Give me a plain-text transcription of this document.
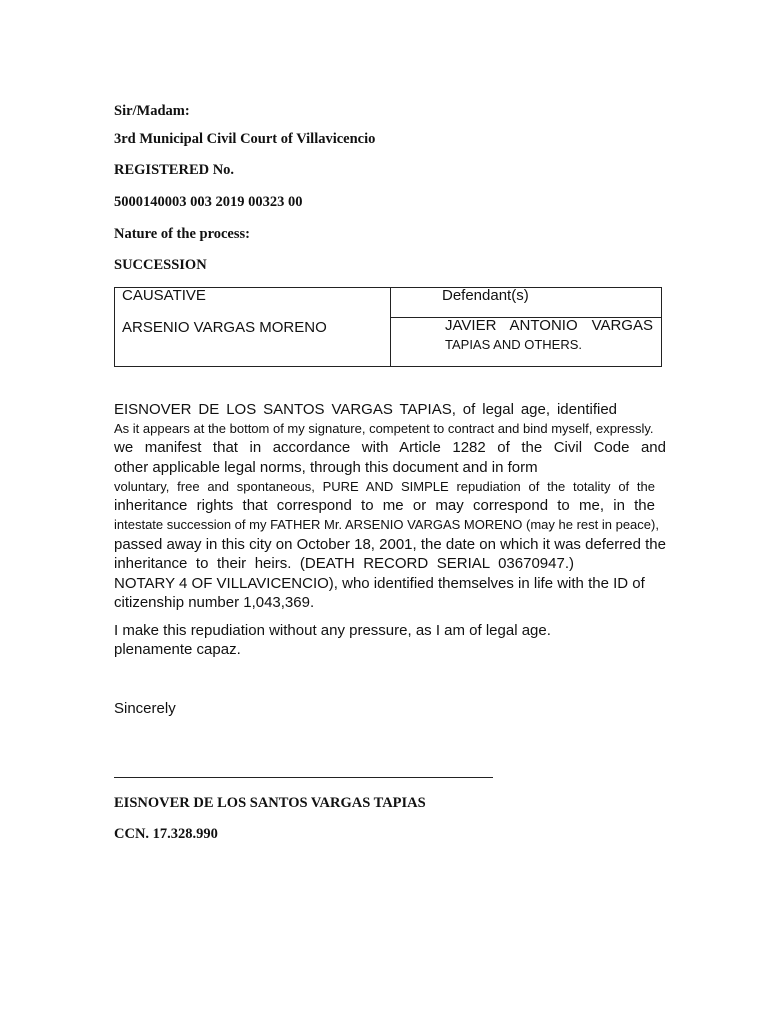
Sir/Madam:
3rd Municipal Civil Court of Villavicencio
REGISTERED No.
5000140003 003 2019 00323 00
Nature of the process:
SUCCESSION
CAUSATIVE	Defendant(s)
ARSENIO VARGAS MORENO	JAVIER ANTONIO VARGAS
TAPIAS AND OTHERS.
EISNOVER DE LOS SANTOS VARGAS TAPIAS, of legal age, identified
As it appears at the bottom of my signature, competent to contract and bind myself, expressly.
we manifest that in accordance with Article 1282 of the Civil Code and
other applicable legal norms, through this document and in form
voluntary, free and spontaneous, PURE AND SIMPLE repudiation of the totality of the
inheritance rights that correspond to me or may correspond to me, in the
intestate succession of my FATHER Mr. ARSENIO VARGAS MORENO (may he rest in peace),
passed away in this city on October 18, 2001, the date on which it was deferred the
inheritance to their heirs. (DEATH RECORD SERIAL 03670947.)
NOTARY 4 OF VILLAVICENCIO), who identified themselves in life with the ID of
citizenship number 1,043,369.
I make this repudiation without any pressure, as I am of legal age.
plenamente capaz.
Sincerely
EISNOVER DE LOS SANTOS VARGAS TAPIAS
CCN. 17.328.990
